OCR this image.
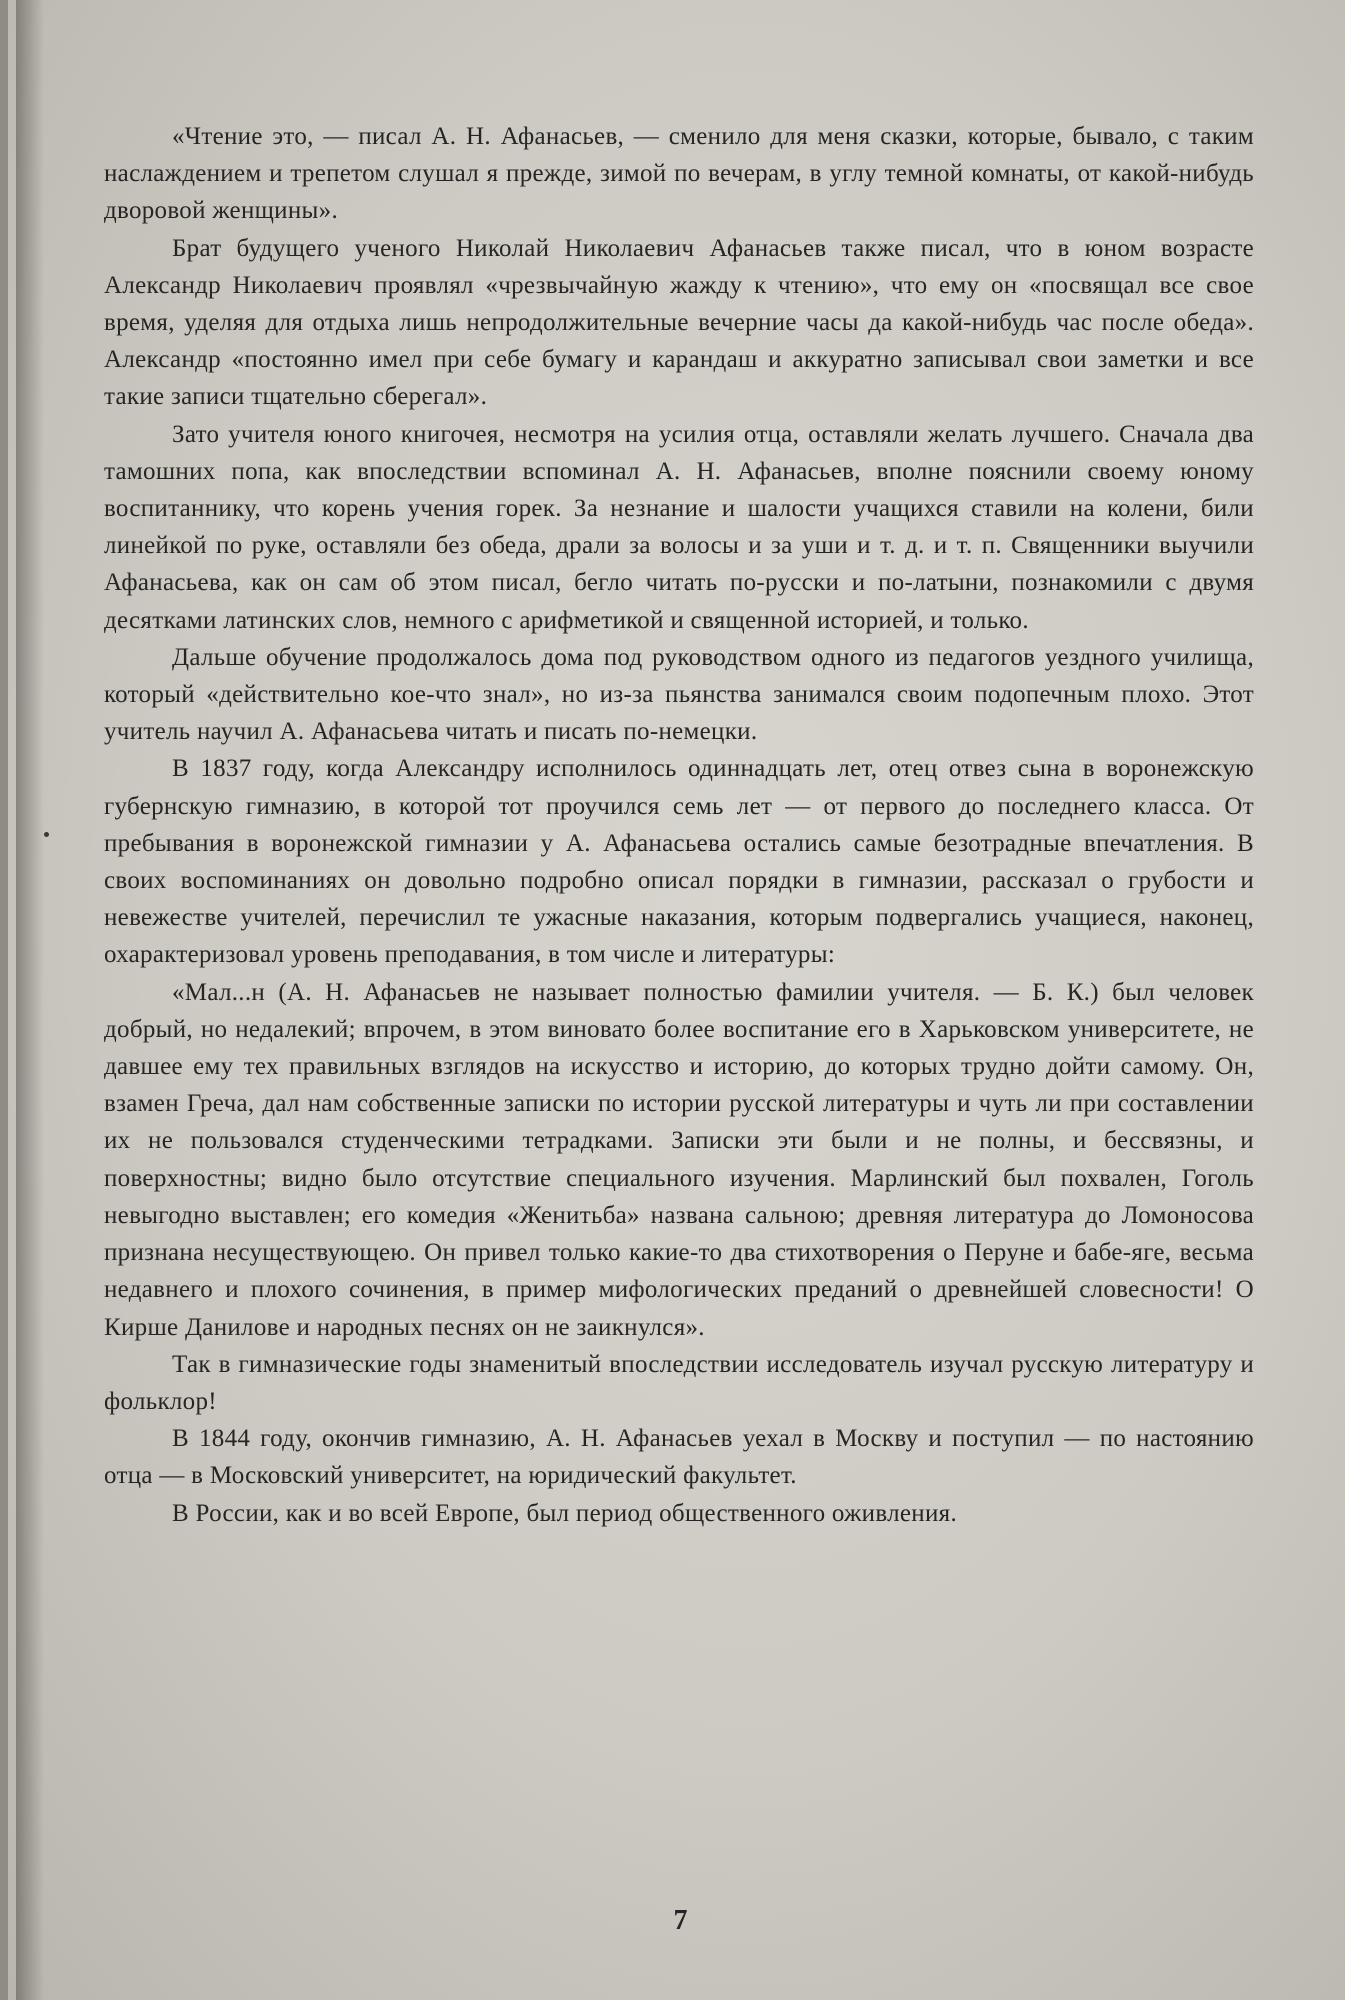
«Чтение это, — писал А. Н. Афанасьев, — сменило для меня сказки, которые, бывало, с таким наслаждением и трепетом слушал я прежде, зимой по вечерам, в углу темной комнаты, от какой-нибудь дворовой женщины».

Брат будущего ученого Николай Николаевич Афанасьев также писал, что в юном возрасте Александр Николаевич проявлял «чрезвычайную жажду к чтению», что ему он «посвящал все свое время, уделяя для отдыха лишь непродолжительные вечерние часы да какой-нибудь час после обеда». Александр «постоянно имел при себе бумагу и карандаш и аккуратно записывал свои заметки и все такие записи тщательно сберегал».

Зато учителя юного книгочея, несмотря на усилия отца, оставляли желать лучшего. Сначала два тамошних попа, как впоследствии вспоминал А. Н. Афанасьев, вполне пояснили своему юному воспитаннику, что корень учения горек. За незнание и шалости учащихся ставили на колени, били линейкой по руке, оставляли без обеда, драли за волосы и за уши и т. д. и т. п. Священники выучили Афанасьева, как он сам об этом писал, бегло читать по-русски и по-латыни, познакомили с двумя десятками латинских слов, немного с арифметикой и священной историей, и только.

Дальше обучение продолжалось дома под руководством одного из педагогов уездного училища, который «действительно кое-что знал», но из-за пьянства занимался своим подопечным плохо. Этот учитель научил А. Афанасьева читать и писать по-немецки.

В 1837 году, когда Александру исполнилось одиннадцать лет, отец отвез сына в воронежскую губернскую гимназию, в которой тот проучился семь лет — от первого до последнего класса. От пребывания в воронежской гимназии у А. Афанасьева остались самые безотрадные впечатления. В своих воспоминаниях он довольно подробно описал порядки в гимназии, рассказал о грубости и невежестве учителей, перечислил те ужасные наказания, которым подвергались учащиеся, наконец, охарактеризовал уровень преподавания, в том числе и литературы:

«Мал...н (А. Н. Афанасьев не называет полностью фамилии учителя. — Б. К.) был человек добрый, но недалекий; впрочем, в этом виновато более воспитание его в Харьковском университете, не давшее ему тех правильных взглядов на искусство и историю, до которых трудно дойти самому. Он, взамен Греча, дал нам собственные записки по истории русской литературы и чуть ли при составлении их не пользовался студенческими тетрадками. Записки эти были и не полны, и бессвязны, и поверхностны; видно было отсутствие специального изучения. Марлинский был похвален, Гоголь невыгодно выставлен; его комедия «Женитьба» названа сальною; древняя литература до Ломоносова признана несуществующею. Он привел только какие-то два стихотворения о Перуне и бабе-яге, весьма недавнего и плохого сочинения, в пример мифологических преданий о древнейшей словесности! О Кирше Данилове и народных песнях он не заикнулся».

Так в гимназические годы знаменитый впоследствии исследователь изучал русскую литературу и фольклор!

В 1844 году, окончив гимназию, А. Н. Афанасьев уехал в Москву и поступил — по настоянию отца — в Московский университет, на юридический факультет.

В России, как и во всей Европе, был период общественного оживления.

7
